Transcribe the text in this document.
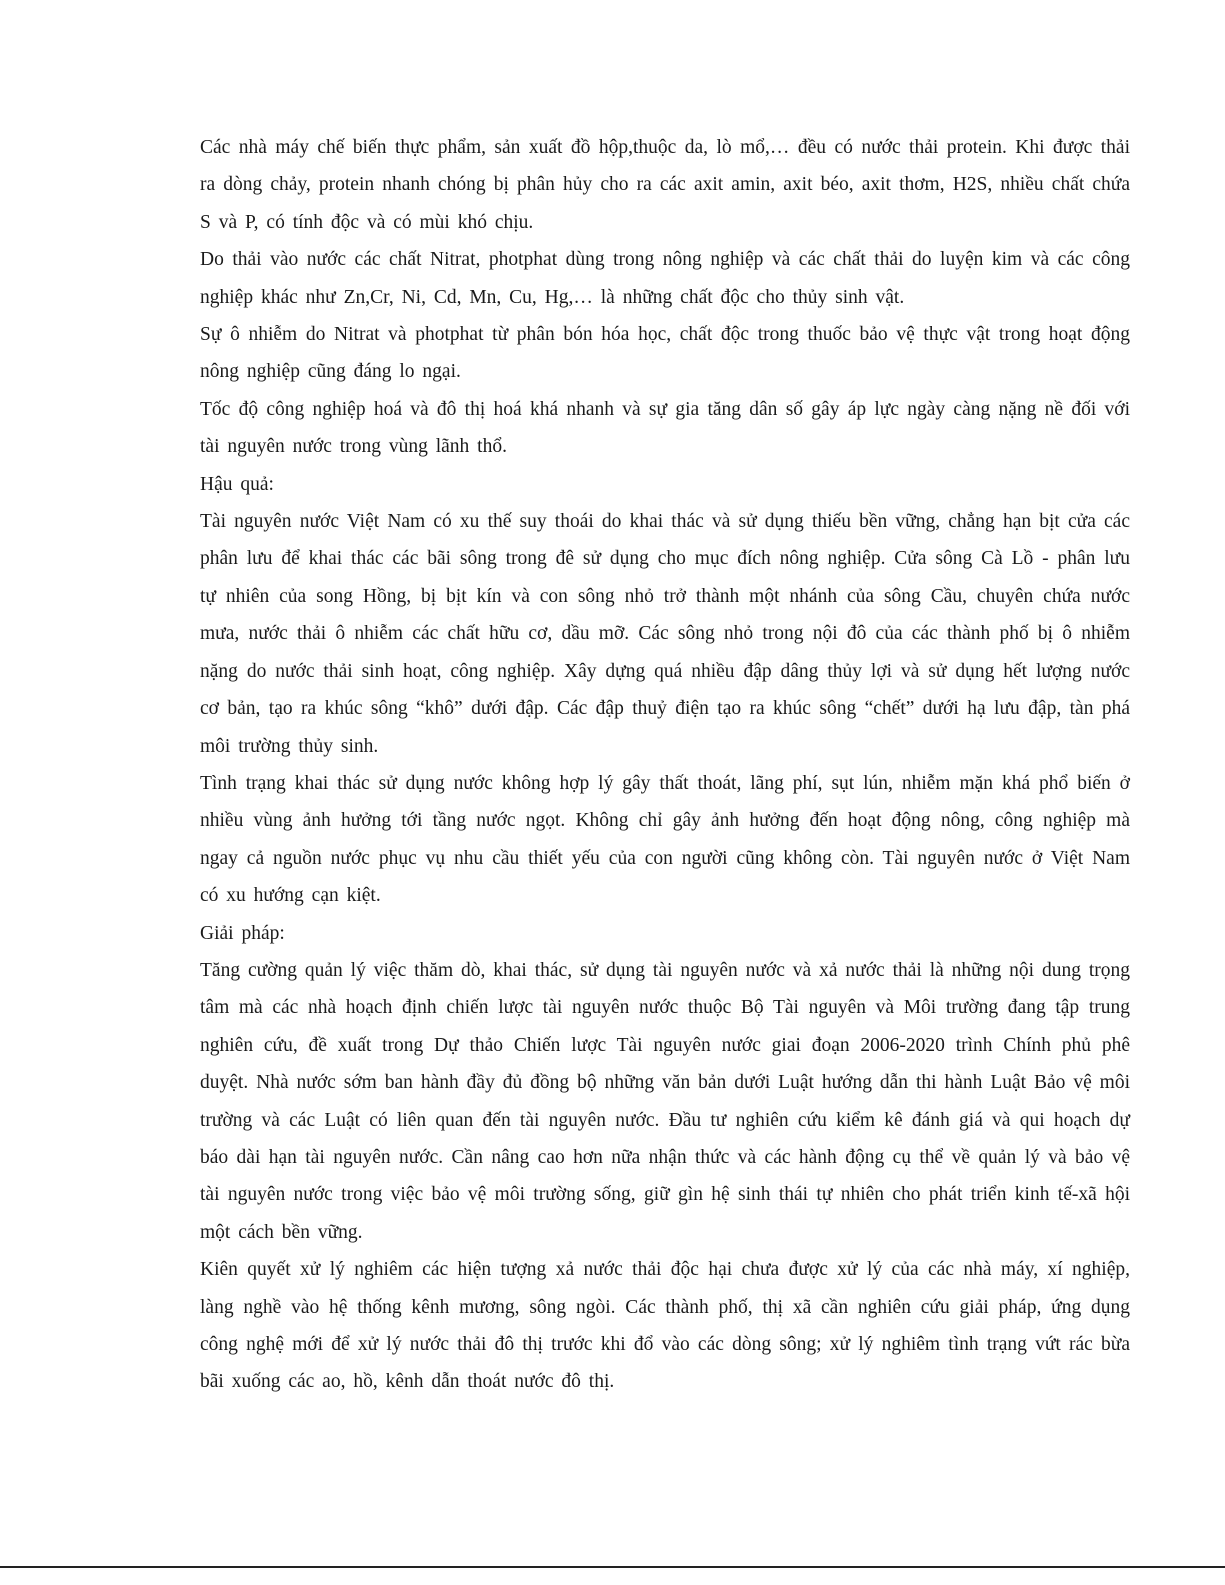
Các nhà máy chế biến thực phẩm, sản xuất đồ hộp,thuộc da, lò mổ,… đều có nước thải protein. Khi được thải ra dòng chảy, protein nhanh chóng bị phân hủy cho ra các axit amin, axit béo, axit thơm, H2S, nhiều chất chứa S và P, có tính độc và có mùi khó chịu.

Do thải vào nước các chất Nitrat, photphat dùng trong nông nghiệp và các chất thải do luyện kim và các công nghiệp khác như Zn,Cr, Ni, Cd, Mn, Cu, Hg,… là những chất độc cho thủy sinh vật.

Sự ô nhiễm do Nitrat và photphat từ phân bón hóa học, chất độc trong thuốc bảo vệ thực vật trong hoạt động nông nghiệp cũng đáng lo ngại.

Tốc độ công nghiệp hoá và đô thị hoá khá nhanh và sự gia tăng dân số gây áp lực ngày càng nặng nề đối với tài nguyên nước trong vùng lãnh thổ.

Hậu quả:

Tài nguyên nước Việt Nam có xu thế suy thoái do khai thác và sử dụng thiếu bền vững, chẳng hạn bịt cửa các phân lưu để khai thác các bãi sông trong đê sử dụng cho mục đích nông nghiệp. Cửa sông Cà Lồ - phân lưu tự nhiên của song Hồng, bị bịt kín và con sông nhỏ trở thành một nhánh của sông Cầu, chuyên chứa nước mưa, nước thải ô nhiễm các chất hữu cơ, dầu mỡ. Các sông nhỏ trong nội đô của các thành phố bị ô nhiễm nặng do nước thải sinh hoạt, công nghiệp. Xây dựng quá nhiều đập dâng thủy lợi và sử dụng hết lượng nước cơ bản, tạo ra khúc sông “khô” dưới đập. Các đập thuỷ điện tạo ra khúc sông “chết” dưới hạ lưu đập, tàn phá môi trường thủy sinh.

Tình trạng khai thác sử dụng nước không hợp lý gây thất thoát, lãng phí, sụt lún, nhiễm mặn khá phổ biến ở nhiều vùng ảnh hưởng tới tầng nước ngọt. Không chỉ gây ảnh hưởng đến hoạt động nông, công nghiệp mà ngay cả nguồn nước phục vụ nhu cầu thiết yếu của con người cũng không còn. Tài nguyên nước ở Việt Nam có xu hướng cạn kiệt.

Giải pháp:

Tăng cường quản lý việc thăm dò, khai thác, sử dụng tài nguyên nước và xả nước thải là những nội dung trọng tâm mà các nhà hoạch định chiến lược tài nguyên nước thuộc Bộ Tài nguyên và Môi trường đang tập trung nghiên cứu, đề xuất trong Dự thảo Chiến lược Tài nguyên nước giai đoạn 2006-2020 trình Chính phủ phê duyệt. Nhà nước sớm ban hành đầy đủ đồng bộ những văn bản dưới Luật hướng dẫn thi hành Luật Bảo vệ môi trường và các Luật có liên quan đến tài nguyên nước. Đầu tư nghiên cứu kiểm kê đánh giá và qui hoạch dự báo dài hạn tài nguyên nước. Cần nâng cao hơn nữa nhận thức và các hành động cụ thể về quản lý và bảo vệ tài nguyên nước trong việc bảo vệ môi trường sống, giữ gìn hệ sinh thái tự nhiên cho phát triển kinh tế-xã hội một cách bền vững.

Kiên quyết xử lý nghiêm các hiện tượng xả nước thải độc hại chưa được xử lý của các nhà máy, xí nghiệp, làng nghề vào hệ thống kênh mương, sông ngòi. Các thành phố, thị xã cần nghiên cứu giải pháp, ứng dụng công nghệ mới để xử lý nước thải đô thị trước khi đổ vào các dòng sông; xử lý nghiêm tình trạng vứt rác bừa bãi xuống các ao, hồ, kênh dẫn thoát nước đô thị.
